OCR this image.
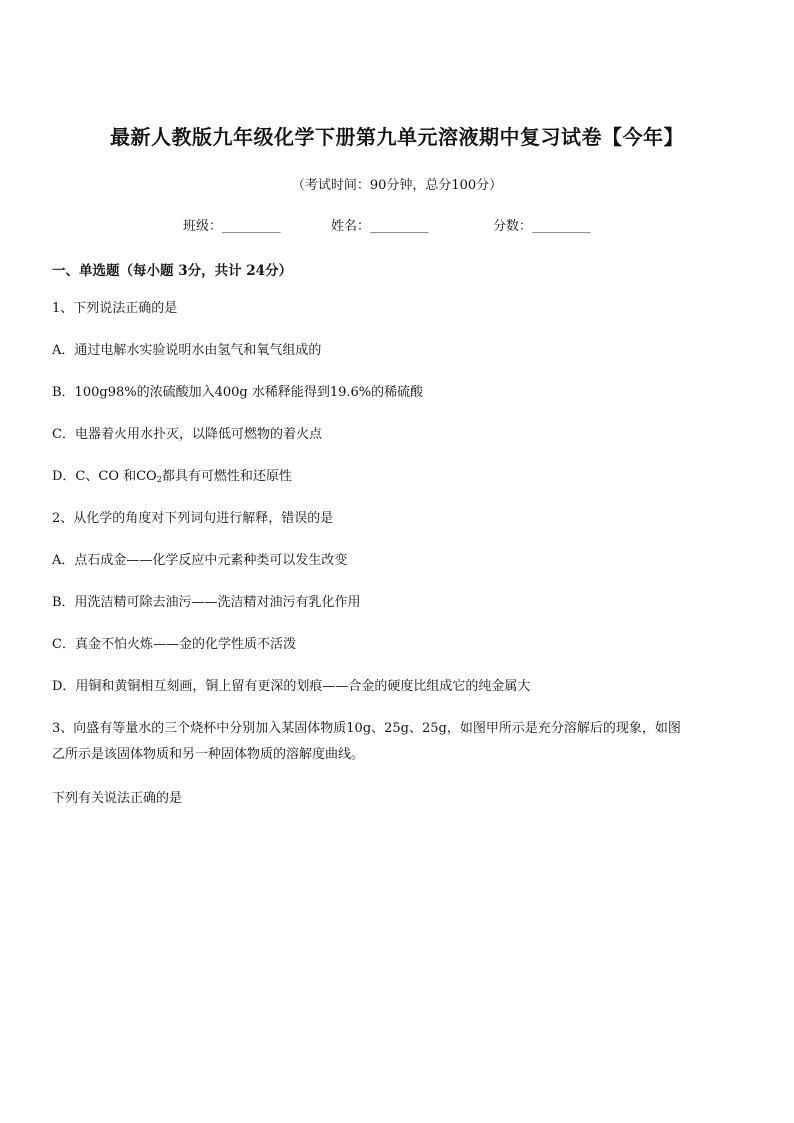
最新人教版九年级化学下册第九单元溶液期中复习试卷【今年】
（考试时间：90分钟，总分100分）
班级：_________	姓名：_________	分数：_________
一、单选题（每小题 3分，共计 24分）
1、下列说法正确的是
A．通过电解水实验说明水由氢气和氧气组成的
B．100g98%的浓硫酸加入400g 水稀释能得到19.6%的稀硫酸
C．电器着火用水扑灭，以降低可燃物的着火点
D．C、CO 和$CO_2$都具有可燃性和还原性
2、从化学的角度对下列词句进行解释，错误的是
A．点石成金——化学反应中元素种类可以发生改变
B．用洗洁精可除去油污——洗洁精对油污有乳化作用
C．真金不怕火炼——金的化学性质不活泼
D．用铜和黄铜相互刻画，铜上留有更深的划痕——合金的硬度比组成它的纯金属大
3、向盛有等量水的三个烧杯中分别加入某固体物质10g、25g、25g，如图甲所示是充分溶解后的现象，如图
乙所示是该固体物质和另一种固体物质的溶解度曲线。
下列有关说法正确的是
